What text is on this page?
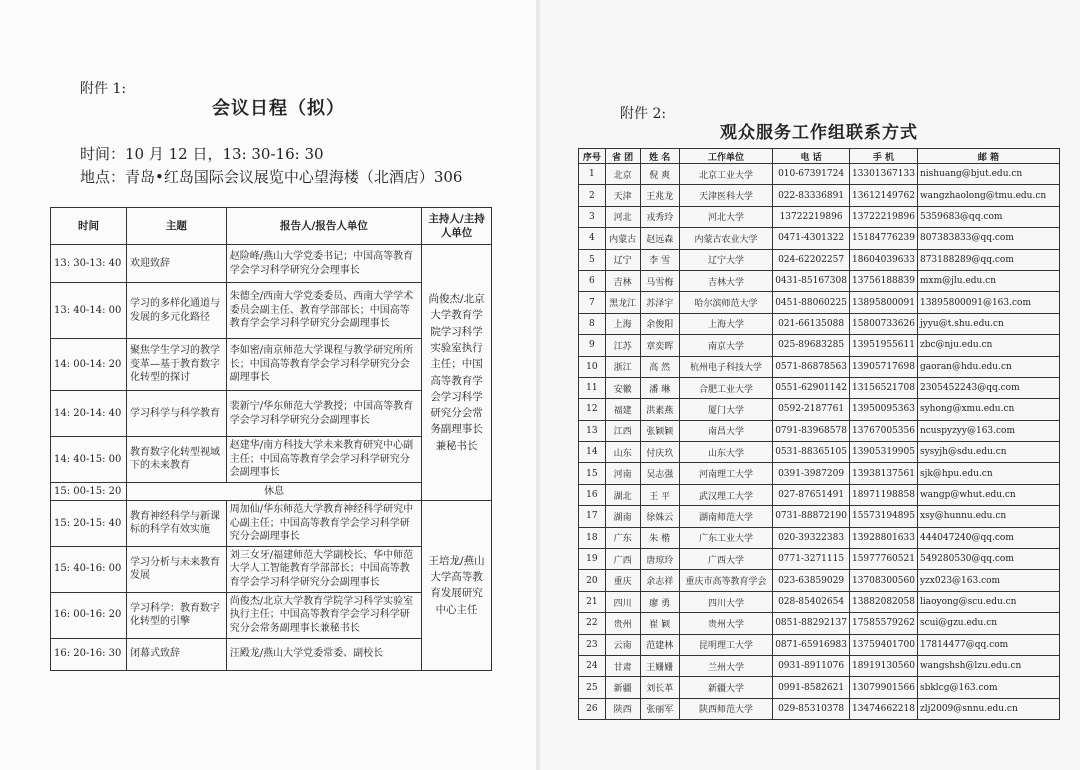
附件 1:
会议日程（拟）
时间：10 月 12 日，13: 30-16: 30
地点：青岛•红岛国际会议展览中心望海楼（北酒店）306
时间	主题	报告人/报告人单位	主持人/主持人单位
13: 30-13: 40	欢迎致辞	赵险峰/燕山大学党委书记；中国高等教育学会学习科学研究分会理事长	尚俊杰/北京大学教育学院学习科学实验室执行主任；中国高等教育学会学习科学研究分会常务副理事长兼秘书长
13: 40-14: 00	学习的多样化通道与发展的多元化路径	朱德全/西南大学党委委员、西南大学学术委员会副主任、教育学部部长；中国高等教育学会学习科学研究分会副理事长	
14: 00-14: 20	聚焦学生学习的教学变革—基于教育数字化转型的探讨	李如密/南京师范大学课程与教学研究所所长；中国高等教育学会学习科学研究分会副理事长	
14: 20-14: 40	学习科学与科学教育	裴新宁/华东师范大学教授；中国高等教育学会学习科学研究分会副理事长	
14: 40-15: 00	教育数字化转型视域下的未来教育	赵建华/南方科技大学未来教育研究中心副主任；中国高等教育学会学习科学研究分会副理事长	
15: 00-15: 20	休息		
15: 20-15: 40	教育神经科学与新课标的科学有效实施	周加仙/华东师范大学教育神经科学研究中心副主任；中国高等教育学会学习科学研究分会副理事长	王培龙/燕山大学高等教育发展研究中心主任
15: 40-16: 00	学习分析与未来教育发展	刘三女牙/福建师范大学副校长、华中师范大学人工智能教育学部部长；中国高等教育学会学习科学研究分会副理事长	
16: 00-16: 20	学习科学：教育数字化转型的引擎	尚俊杰/北京大学教育学院学习科学实验室执行主任；中国高等教育学会学习科学研究分会常务副理事长兼秘书长	
16: 20-16: 30	闭幕式致辞	汪殿龙/燕山大学党委常委、副校长	
附件 2:
观众服务工作组联系方式
序号	省 团	姓 名	工作单位	电 话	手 机	邮 箱
1	北京	倪 爽	北京工业大学	010-67391724	13301367133	nishuang@bjut.edu.cn
2	天津	王兆龙	天津医科大学	022-83336891	13612149762	wangzhaolong@tmu.edu.cn
3	河北	戎秀玲	河北大学	13722219896	13722219896	5359683@qq.com
4	内蒙古	赵远森	内蒙古农业大学	0471-4301322	15184776239	807383833@qq.com
5	辽宁	李 雪	辽宁大学	024-62202257	18604039633	873188289@qq.com
6	吉林	马雪梅	吉林大学	0431-85167308	13756188839	mxm@jlu.edu.cn
7	黑龙江	苏泽宇	哈尔滨师范大学	0451-88060225	13895800091	13895800091@163.com
8	上海	余俊阳	上海大学	021-66135088	15800733626	jyyu@t.shu.edu.cn
9	江苏	章奕晖	南京大学	025-89683285	13951955611	zbc@nju.edu.cn
10	浙江	高 然	杭州电子科技大学	0571-86878563	13905717698	gaoran@hdu.edu.cn
11	安徽	潘 琳	合肥工业大学	0551-62901142	13156521708	2305452243@qq.com
12	福建	洪素燕	厦门大学	0592-2187761	13950095363	syhong@xmu.edu.cn
13	江西	张颖颖	南昌大学	0791-83968578	13767005356	ncuspyzyy@163.com
14	山东	付庆玖	山东大学	0531-88365105	13905319905	sysyjh@sdu.edu.cn
15	河南	吴志强	河南理工大学	0391-3987209	13938137561	sjk@hpu.edu.cn
16	湖北	王 平	武汉理工大学	027-87651491	18971198858	wangp@whut.edu.cn
17	湖南	徐姝云	湖南师范大学	0731-88872190	15573194895	xsy@hunnu.edu.cn
18	广东	朱 楷	广东工业大学	020-39322383	13928801633	444047240@qq.com
19	广西	唐琼玲	广西大学	0771-3271115	15977760521	549280530@qq.com
20	重庆	余志祥	重庆市高等教育学会	023-63859029	13708300560	yzx023@163.com
21	四川	廖 勇	四川大学	028-85402654	13882082058	liaoyong@scu.edu.cn
22	贵州	崔 颖	贵州大学	0851-88292137	17585579262	scui@gzu.edu.cn
23	云南	范建林	昆明理工大学	0871-65916983	13759401700	17814477@qq.com
24	甘肃	王姗姗	兰州大学	0931-8911076	18919130560	wangshsh@lzu.edu.cn
25	新疆	刘长革	新疆大学	0991-8582621	13079901566	sbklcg@163.com
26	陕西	张丽军	陕西师范大学	029-85310378	13474662218	zlj2009@snnu.edu.cn
